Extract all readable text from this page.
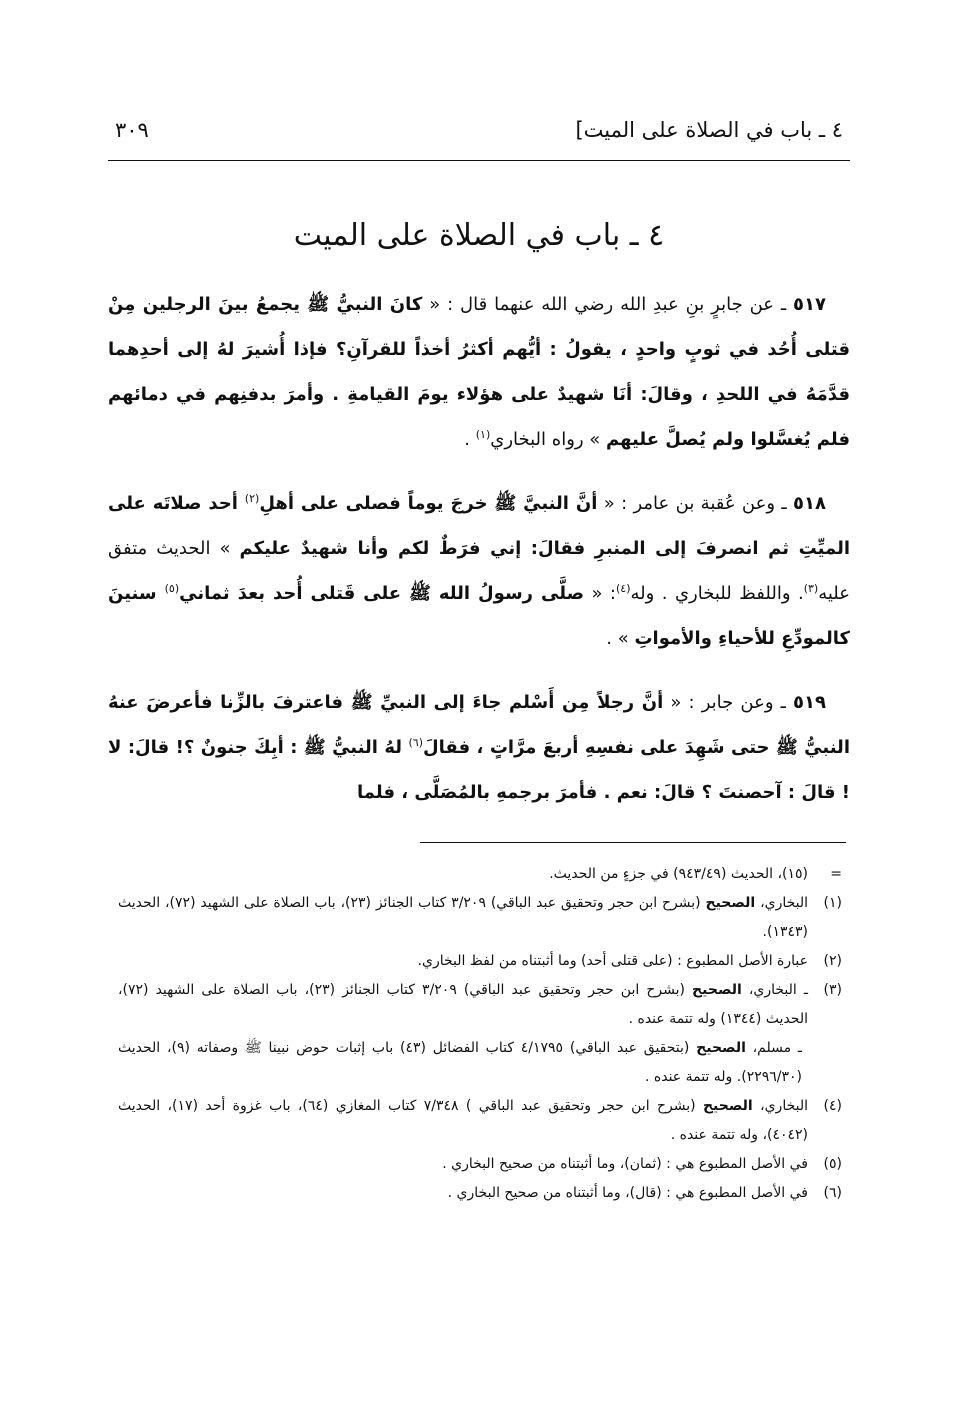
٤ ـ باب في الصلاة على الميت]
٣٠٩
٤ ـ باب في الصلاة على الميت

٥١٧ ـ عن جابرٍ بنِ عبدِ الله رضي الله عنهما قال : « كانَ النبيُّ ﷺ يجمعُ بينَ الرجلين مِنْ قتلى أُحُد في ثوبٍ واحدٍ ، يقولُ : أيُّهم أكثرُ أخذاً للقرآنِ؟ فإذا أُشيرَ لهُ إلى أحدِهما قدَّمَهُ في اللحدِ ، وقالَ: أنَا شهيدٌ على هؤلاء يومَ القيامةِ . وأمرَ بدفنِهم في دمائهم فلم يُغسَّلوا ولم يُصلَّ عليهم » رواه البخاري$^{(١)}$ .

٥١٨ ـ وعن عُقبة بن عامر : « أنَّ النبيَّ ﷺ خرجَ يوماً فصلى على أهلِ$^{(٢)}$ أحد صلاتَه على الميِّتِ ثم انصرفَ إلى المنبرِ فقالَ: إني فرَطٌ لكم وأنا شهيدٌ عليكم » الحديث متفق عليه$^{(٣)}$. واللفظ للبخاري . وله$^{(٤)}$: « صلَّى رسولُ الله ﷺ على قَتلى أُحد بعدَ ثماني$^{(٥)}$ سنينَ كالمودِّعِ للأحياءِ والأمواتِ » .

٥١٩ ـ وعن جابر : « أنَّ رجلاً مِن أَسْلم جاءَ إلى النبيِّ ﷺ فاعترفَ بالزِّنا فأعرضَ عنهُ النبيُّ ﷺ حتى شَهِدَ على نفسِهِ أربعَ مرَّاتٍ ، فقالَ$^{(٦)}$ لهُ النبيُّ ﷺ : أبِكَ جنونٌ ؟! قالَ: لا ! قالَ : آحصنتَ ؟ قالَ: نعم . فأمرَ برجمهِ بالمُصَلَّى ، فلما

=
(١٥)، الحديث (٩٤٣/٤٩) في جزءٍ من الحديث.
(١)
البخاري، الصحيح (بشرح ابن حجر وتحقيق عبد الباقي) ٣/٢٠٩ كتاب الجنائز (٢٣)، باب الصلاة على الشهيد (٧٢)، الحديث (١٣٤٣).
(٢)
عبارة الأصل المطبوع : (على قتلى أحد) وما أثبتناه من لفظ البخاري.
(٣)
ـ البخاري، الصحيح (بشرح ابن حجر وتحقيق عبد الباقي) ٣/٢٠٩ كتاب الجنائز (٢٣)، باب الصلاة على الشهيد (٧٢)، الحديث (١٣٤٤) وله تتمة عنده .
ـ مسلم، الصحيح (بتحقيق عبد الباقي) ٤/١٧٩٥ كتاب الفضائل (٤٣) باب إثبات حوض نبينا ﷺ وصفاته (٩)، الحديث (٢٢٩٦/٣٠). وله تتمة عنده .
(٤)
البخاري، الصحيح (بشرح ابن حجر وتحقيق عبد الباقي ) ٧/٣٤٨ كتاب المغازي (٦٤)، باب غزوة أحد (١٧)، الحديث (٤٠٤٢)، وله تتمة عنده .
(٥)
في الأصل المطبوع هي : (ثمان)، وما أثبتناه من صحيح البخاري .
(٦)
في الأصل المطبوع هي : (قال)، وما أثبتناه من صحيح البخاري .
